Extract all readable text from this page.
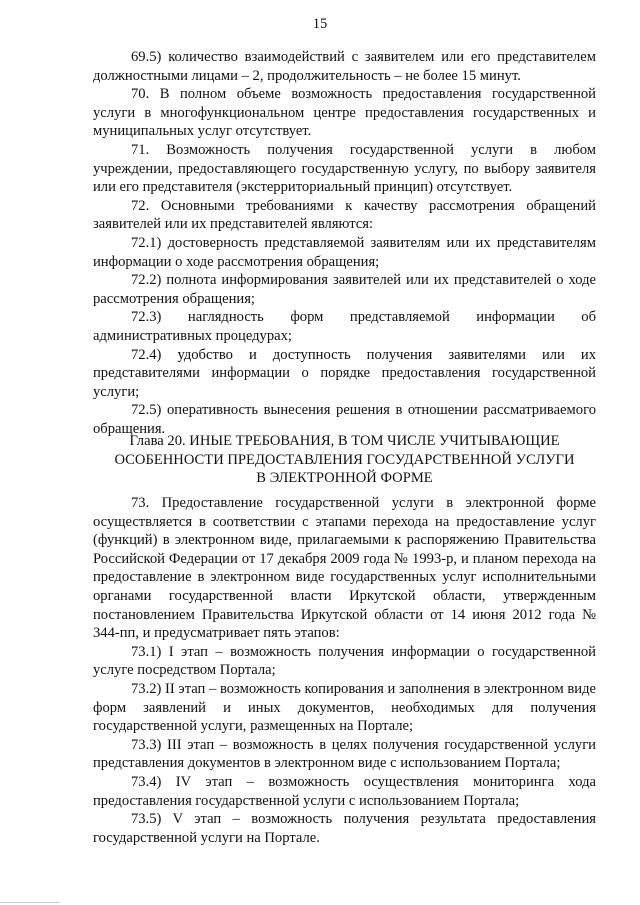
15

69.5) количество взаимодействий с заявителем или его представителем должностными лицами – 2, продолжительность – не более 15 минут.

70. В полном объеме возможность предоставления государственной услуги в многофункциональном центре предоставления государственных и муниципальных услуг отсутствует.

71. Возможность получения государственной услуги в любом учреждении, предоставляющего государственную услугу, по выбору заявителя или его представителя (экстерриториальный принцип) отсутствует.

72. Основными требованиями к качеству рассмотрения обращений заявителей или их представителей являются:

72.1) достоверность представляемой заявителям или их представителям информации о ходе рассмотрения обращения;

72.2) полнота информирования заявителей или их представителей о ходе рассмотрения обращения;

72.3) наглядность форм представляемой информации об административных процедурах;

72.4) удобство и доступность получения заявителями или их представителями информации о порядке предоставления государственной услуги;

72.5) оперативность вынесения решения в отношении рассматриваемого обращения.

Глава 20. ИНЫЕ ТРЕБОВАНИЯ, В ТОМ ЧИСЛЕ УЧИТЫВАЮЩИЕ
ОСОБЕННОСТИ ПРЕДОСТАВЛЕНИЯ ГОСУДАРСТВЕННОЙ УСЛУГИ
В ЭЛЕКТРОННОЙ ФОРМЕ

73. Предоставление государственной услуги в электронной форме осуществляется в соответствии с этапами перехода на предоставление услуг (функций) в электронном виде, прилагаемыми к распоряжению Правительства Российской Федерации от 17 декабря 2009 года № 1993-р, и планом перехода на предоставление в электронном виде государственных услуг исполнительными органами государственной власти Иркутской области, утвержденным постановлением Правительства Иркутской области от 14 июня 2012 года № 344-пп, и предусматривает пять этапов:

73.1) I этап – возможность получения информации о государственной услуге посредством Портала;

73.2) II этап – возможность копирования и заполнения в электронном виде форм заявлений и иных документов, необходимых для получения государственной услуги, размещенных на Портале;

73.3) III этап – возможность в целях получения государственной услуги представления документов в электронном виде с использованием Портала;

73.4) IV этап – возможность осуществления мониторинга хода предоставления государственной услуги с использованием Портала;

73.5) V этап – возможность получения результата предоставления государственной услуги на Портале.
